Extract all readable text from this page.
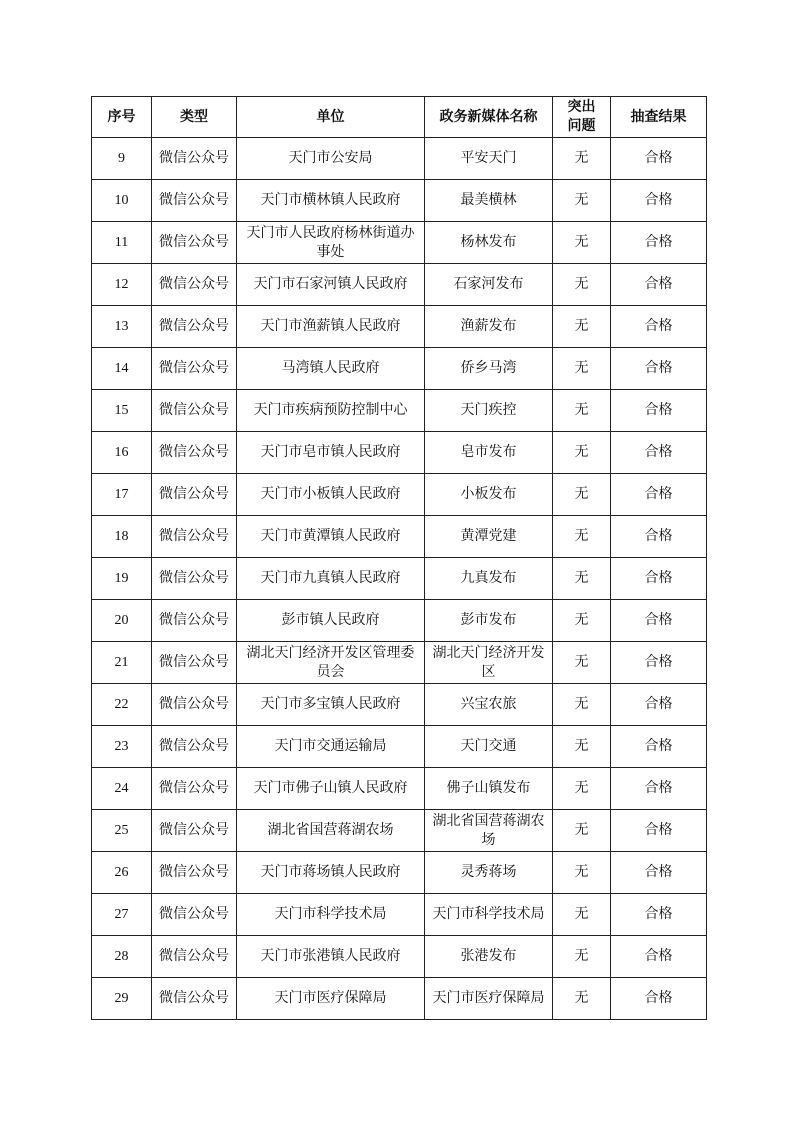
序号	类型	单位	政务新媒体名称	突出问题	抽查结果
9	微信公众号	天门市公安局	平安天门	无	合格
10	微信公众号	天门市横林镇人民政府	最美横林	无	合格
11	微信公众号	天门市人民政府杨林街道办事处	杨林发布	无	合格
12	微信公众号	天门市石家河镇人民政府	石家河发布	无	合格
13	微信公众号	天门市渔薪镇人民政府	渔薪发布	无	合格
14	微信公众号	马湾镇人民政府	侨乡马湾	无	合格
15	微信公众号	天门市疾病预防控制中心	天门疾控	无	合格
16	微信公众号	天门市皂市镇人民政府	皂市发布	无	合格
17	微信公众号	天门市小板镇人民政府	小板发布	无	合格
18	微信公众号	天门市黄潭镇人民政府	黄潭党建	无	合格
19	微信公众号	天门市九真镇人民政府	九真发布	无	合格
20	微信公众号	彭市镇人民政府	彭市发布	无	合格
21	微信公众号	湖北天门经济开发区管理委员会	湖北天门经济开发区	无	合格
22	微信公众号	天门市多宝镇人民政府	兴宝农旅	无	合格
23	微信公众号	天门市交通运输局	天门交通	无	合格
24	微信公众号	天门市佛子山镇人民政府	佛子山镇发布	无	合格
25	微信公众号	湖北省国营蒋湖农场	湖北省国营蒋湖农场	无	合格
26	微信公众号	天门市蒋场镇人民政府	灵秀蒋场	无	合格
27	微信公众号	天门市科学技术局	天门市科学技术局	无	合格
28	微信公众号	天门市张港镇人民政府	张港发布	无	合格
29	微信公众号	天门市医疗保障局	天门市医疗保障局	无	合格
